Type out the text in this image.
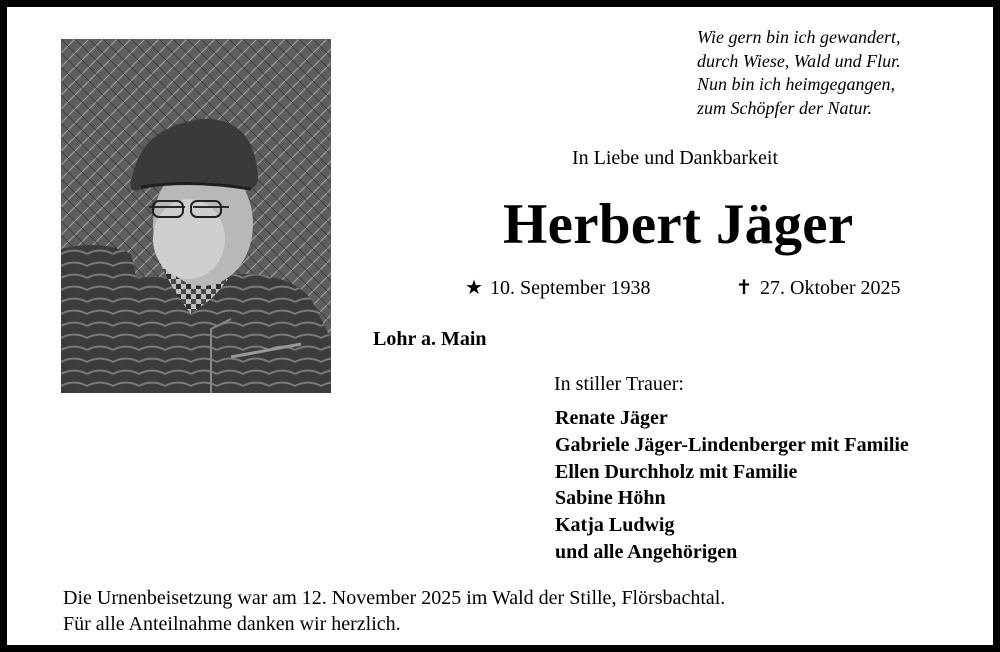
Wie gern bin ich gewandert,
durch Wiese, Wald und Flur.
Nun bin ich heimgegangen,
zum Schöpfer der Natur.
In Liebe und Dankbarkeit
Herbert Jäger
★ 10. September 1938	✝ 27. Oktober 2025
Lohr a. Main
In stiller Trauer:
Renate Jäger
Gabriele Jäger-Lindenberger mit Familie
Ellen Durchholz mit Familie
Sabine Höhn
Katja Ludwig
und alle Angehörigen
Die Urnenbeisetzung war am 12. November 2025 im Wald der Stille, Flörsbachtal.
Für alle Anteilnahme danken wir herzlich.
